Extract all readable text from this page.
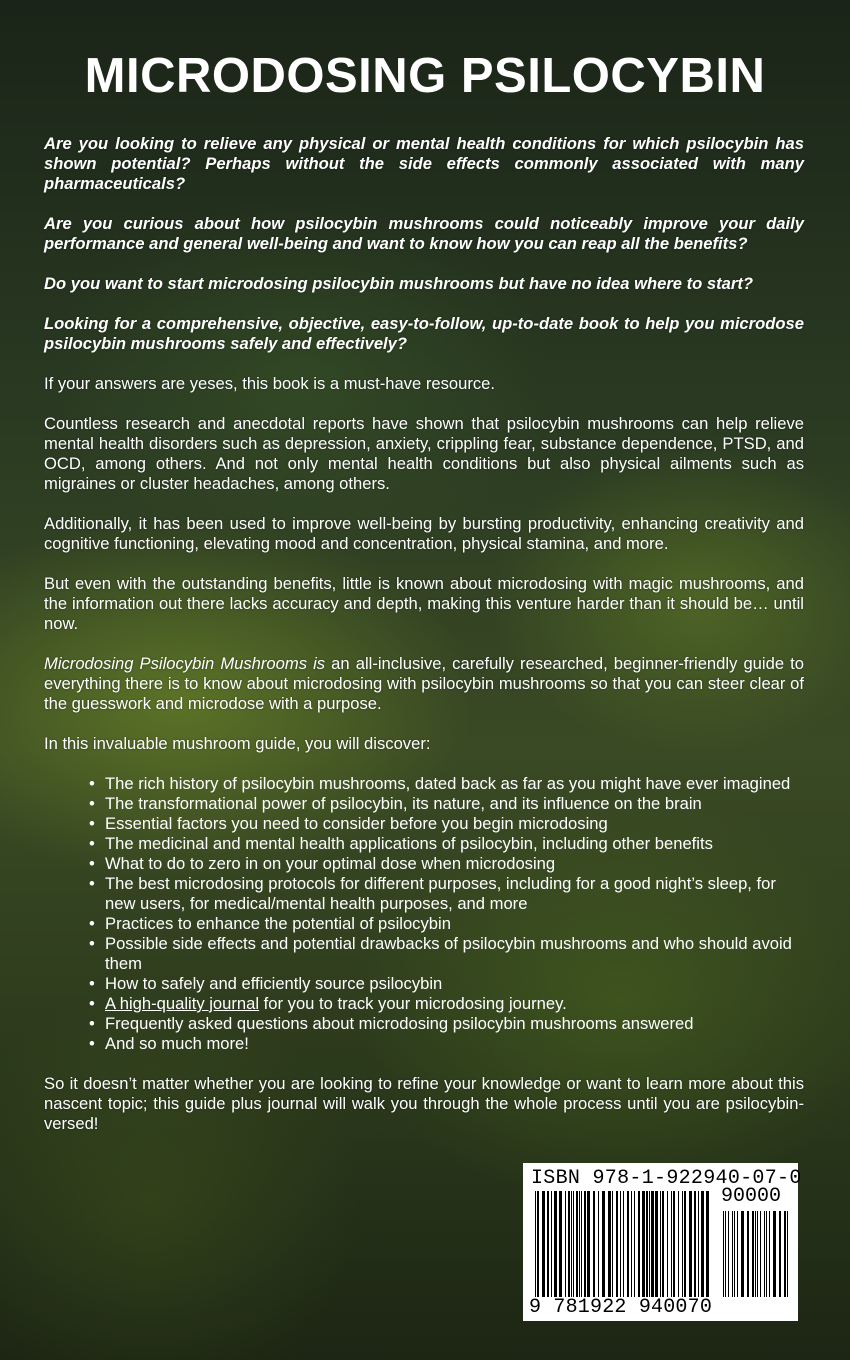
MICRODOSING PSILOCYBIN

Are you looking to relieve any physical or mental health conditions for which psilocybin has shown potential? Perhaps without the side effects commonly associated with many pharmaceuticals?

Are you curious about how psilocybin mushrooms could noticeably improve your daily performance and general well-being and want to know how you can reap all the benefits?

Do you want to start microdosing psilocybin mushrooms but have no idea where to start?

Looking for a comprehensive, objective, easy-to-follow, up-to-date book to help you microdose psilocybin mushrooms safely and effectively?

If your answers are yeses, this book is a must-have resource.

Countless research and anecdotal reports have shown that psilocybin mushrooms can help relieve mental health disorders such as depression, anxiety, crippling fear, substance dependence, PTSD, and OCD, among others. And not only mental health conditions but also physical ailments such as migraines or cluster headaches, among others.

Additionally, it has been used to improve well-being by bursting productivity, enhancing creativity and cognitive functioning, elevating mood and concentration, physical stamina, and more.

But even with the outstanding benefits, little is known about microdosing with magic mushrooms, and the information out there lacks accuracy and depth, making this venture harder than it should be… until now.

Microdosing Psilocybin Mushrooms is an all-inclusive, carefully researched, beginner-friendly guide to everything there is to know about microdosing with psilocybin mushrooms so that you can steer clear of the guesswork and microdose with a purpose.

In this invaluable mushroom guide, you will discover:

• The rich history of psilocybin mushrooms, dated back as far as you might have ever imagined
• The transformational power of psilocybin, its nature, and its influence on the brain
• Essential factors you need to consider before you begin microdosing
• The medicinal and mental health applications of psilocybin, including other benefits
• What to do to zero in on your optimal dose when microdosing
• The best microdosing protocols for different purposes, including for a good night’s sleep, for new users, for medical/mental health purposes, and more
• Practices to enhance the potential of psilocybin
• Possible side effects and potential drawbacks of psilocybin mushrooms and who should avoid them
• How to safely and efficiently source psilocybin
• A high-quality journal for you to track your microdosing journey.
• Frequently asked questions about microdosing psilocybin mushrooms answered
• And so much more!

So it doesn’t matter whether you are looking to refine your knowledge or want to learn more about this nascent topic; this guide plus journal will walk you through the whole process until you are psilocybin-versed!

ISBN 978-1-922940-07-0
90000
9 781922 940070
